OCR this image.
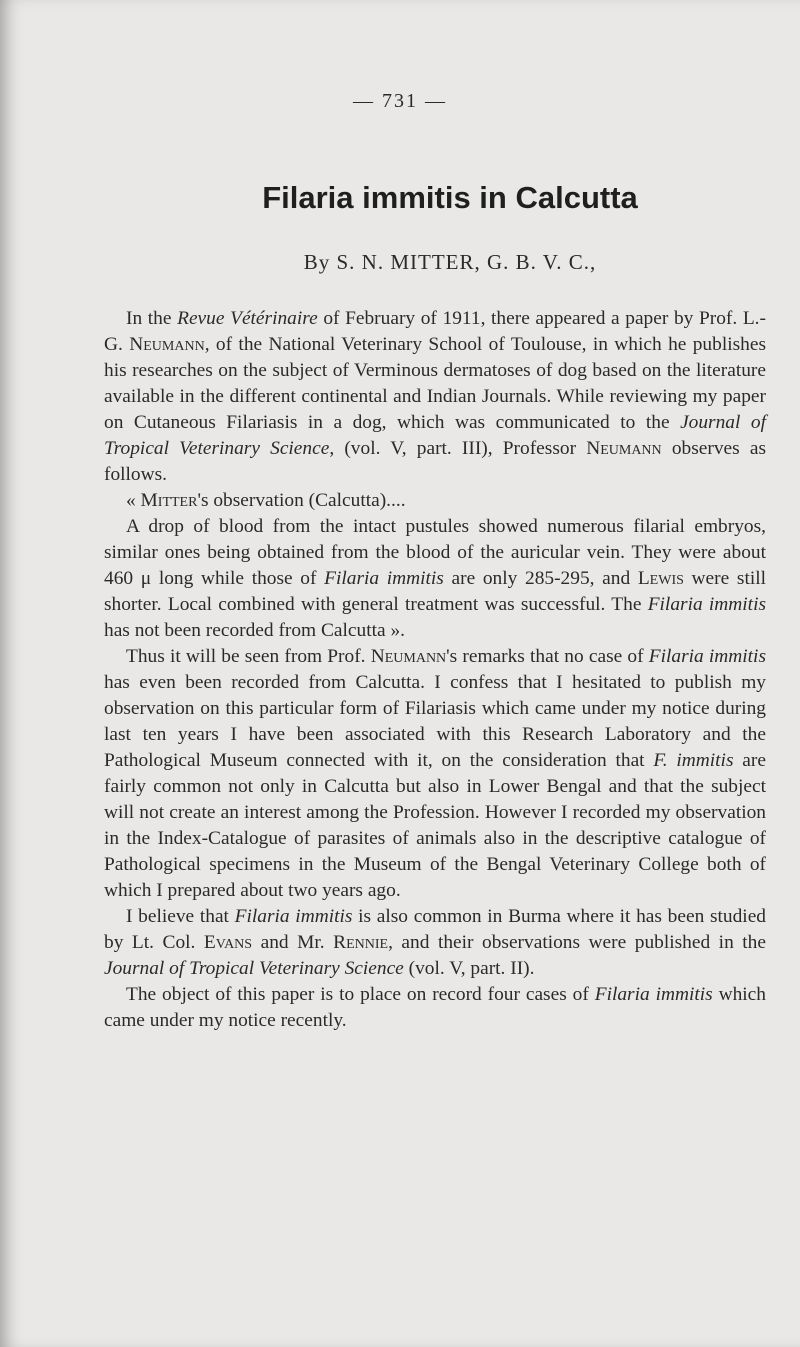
— 731 —
Filaria immitis in Calcutta
By S. N. MITTER, G. B. V. C.,

In the Revue Vétérinaire of February of 1911, there appeared a paper by Prof. L.-G. Neumann, of the National Veterinary School of Toulouse, in which he publishes his researches on the subject of Verminous dermatoses of dog based on the literature available in the different continental and Indian Journals. While reviewing my paper on Cutaneous Filariasis in a dog, which was communicated to the Journal of Tropical Veterinary Science, (vol. V, part. III), Professor Neumann observes as follows.

« Mitter's observation (Calcutta)....

A drop of blood from the intact pustules showed numerous filarial embryos, similar ones being obtained from the blood of the auricular vein. They were about 460 μ long while those of Filaria immitis are only 285-295, and Lewis were still shorter. Local combined with general treatment was successful. The Filaria immitis has not been recorded from Calcutta ».

Thus it will be seen from Prof. Neumann's remarks that no case of Filaria immitis has even been recorded from Calcutta. I confess that I hesitated to publish my observation on this particular form of Filariasis which came under my notice during last ten years I have been associated with this Research Laboratory and the Pathological Museum connected with it, on the consideration that F. immitis are fairly common not only in Calcutta but also in Lower Bengal and that the subject will not create an interest among the Profession. However I recorded my observation in the Index-Catalogue of parasites of animals also in the descriptive catalogue of Pathological specimens in the Museum of the Bengal Veterinary College both of which I prepared about two years ago.

I believe that Filaria immitis is also common in Burma where it has been studied by Lt. Col. Evans and Mr. Rennie, and their observations were published in the Journal of Tropical Veterinary Science (vol. V, part. II).

The object of this paper is to place on record four cases of Filaria immitis which came under my notice recently.
